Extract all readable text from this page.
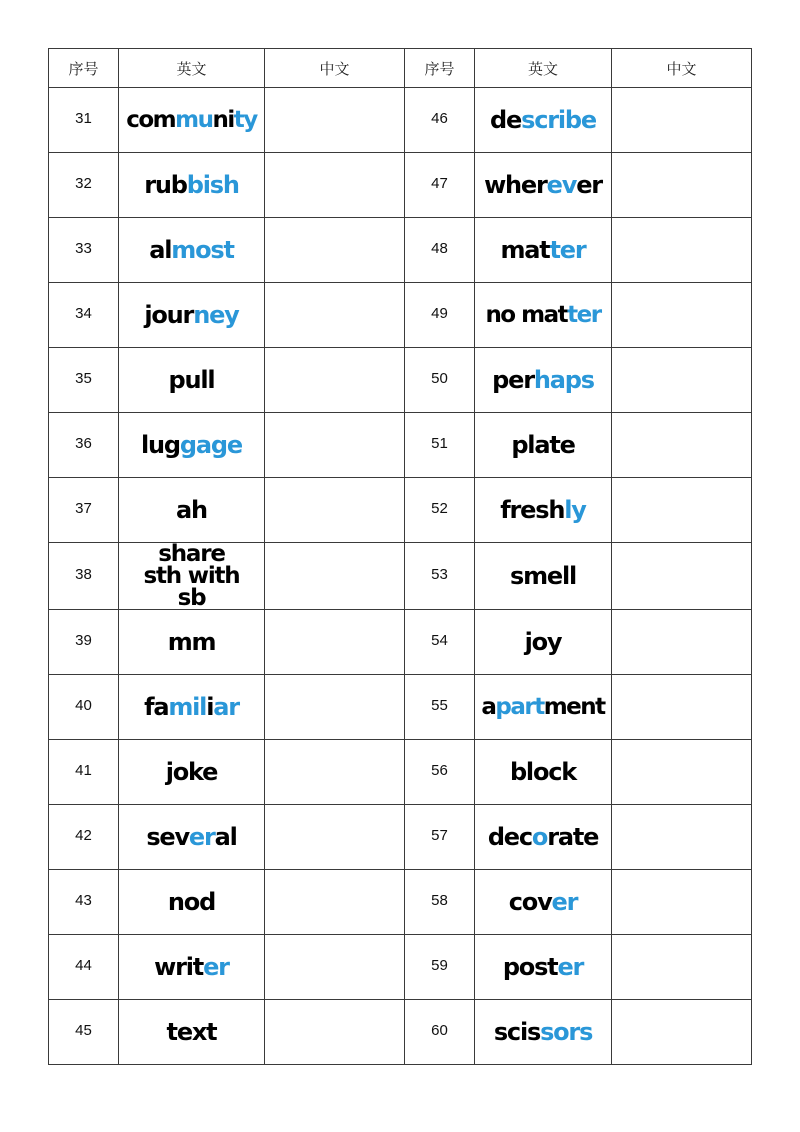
序号	英文	中文	序号	英文	中文
31	community		46	describe	

32	rubbish		47	wherever	

33	almost		48	matter	

34	journey		49	no matter	

35	pull		50	perhaps	

36	luggage		51	plate	

37	ah		52	freshly	

38	share sth with sb		53	smell	

39	mm		54	joy	

40	familiar		55	apartment	

41	joke		56	block	

42	several		57	decorate	

43	nod		58	cover	

44	writer		59	poster	

45	text		60	scissors	
